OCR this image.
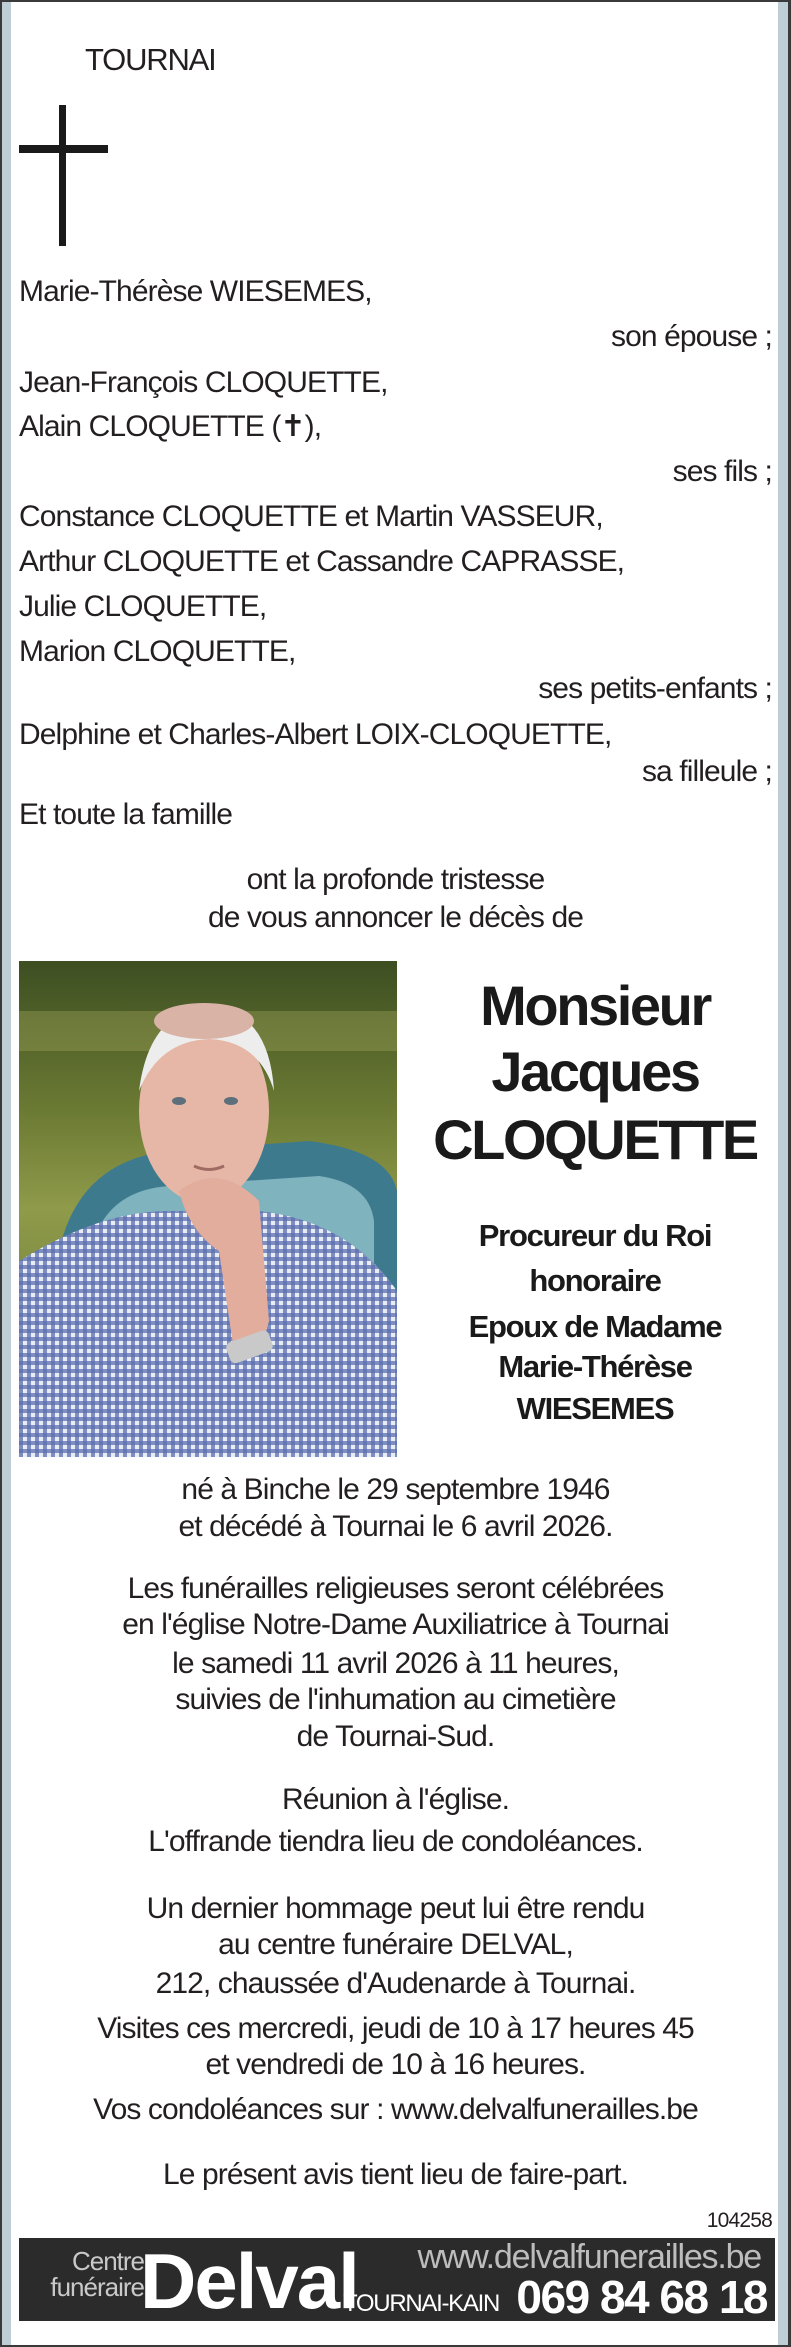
TOURNAI
Marie-Thérèse WIESEMES,
son épouse ;
Jean-François CLOQUETTE,
Alain CLOQUETTE (✝),
ses fils ;
Constance CLOQUETTE et Martin VASSEUR,
Arthur CLOQUETTE et Cassandre CAPRASSE,
Julie CLOQUETTE,
Marion CLOQUETTE,
ses petits-enfants ;
Delphine et Charles-Albert LOIX-CLOQUETTE,
sa filleule ;
Et toute la famille
ont la profonde tristesse
de vous annoncer le décès de
Monsieur
Jacques
CLOQUETTE
Procureur du Roi
honoraire
Epoux de Madame
Marie-Thérèse
WIESEMES
né à Binche le 29 septembre 1946
et décédé à Tournai le 6 avril 2026.
Les funérailles religieuses seront célébrées
en l'église Notre-Dame Auxiliatrice à Tournai
le samedi 11 avril 2026 à 11 heures,
suivies de l'inhumation au cimetière
de Tournai-Sud.
Réunion à l'église.
L'offrande tiendra lieu de condoléances.
Un dernier hommage peut lui être rendu
au centre funéraire DELVAL,
212, chaussée d'Audenarde à Tournai.
Visites ces mercredi, jeudi de 10 à 17 heures 45
et vendredi de 10 à 16 heures.
Vos condoléances sur : www.delvalfunerailles.be
Le présent avis tient lieu de faire-part.
104258
Centre
funéraire
Delval
TOURNAI-KAIN
www.delvalfunerailles.be
069 84 68 18
